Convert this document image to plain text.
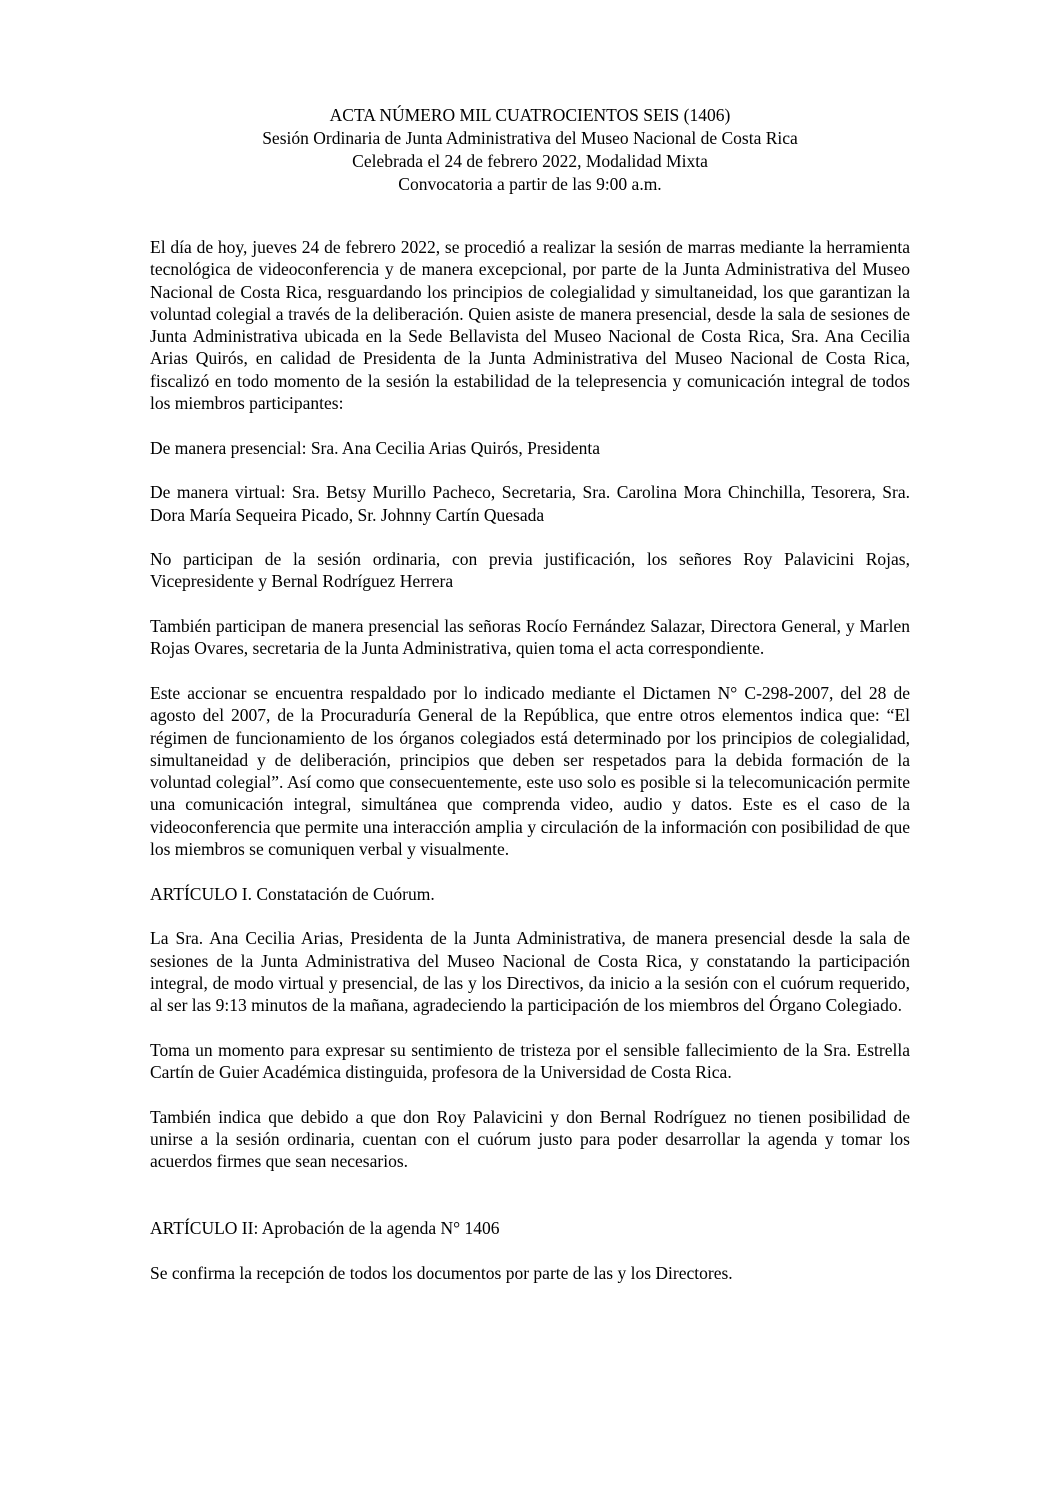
ACTA NÚMERO MIL CUATROCIENTOS SEIS (1406)
Sesión Ordinaria de Junta Administrativa del Museo Nacional de Costa Rica
Celebrada el 24 de febrero 2022, Modalidad Mixta
Convocatoria a partir de las 9:00 a.m.

El día de hoy, jueves 24 de febrero 2022, se procedió a realizar la sesión de marras mediante la herramienta tecnológica de videoconferencia y de manera excepcional, por parte de la Junta Administrativa del Museo Nacional de Costa Rica, resguardando los principios de colegialidad y simultaneidad, los que garantizan la voluntad colegial a través de la deliberación. Quien asiste de manera presencial, desde la sala de sesiones de Junta Administrativa ubicada en la Sede Bellavista del Museo Nacional de Costa Rica, Sra. Ana Cecilia Arias Quirós, en calidad de Presidenta de la Junta Administrativa del Museo Nacional de Costa Rica, fiscalizó en todo momento de la sesión la estabilidad de la telepresencia y comunicación integral de todos los miembros participantes:

De manera presencial: Sra. Ana Cecilia Arias Quirós, Presidenta

De manera virtual: Sra. Betsy Murillo Pacheco, Secretaria, Sra. Carolina Mora Chinchilla, Tesorera, Sra. Dora María Sequeira Picado, Sr. Johnny Cartín Quesada

No participan de la sesión ordinaria, con previa justificación, los señores Roy Palavicini Rojas, Vicepresidente y Bernal Rodríguez Herrera

También participan de manera presencial las señoras Rocío Fernández Salazar, Directora General, y Marlen Rojas Ovares, secretaria de la Junta Administrativa, quien toma el acta correspondiente.

Este accionar se encuentra respaldado por lo indicado mediante el Dictamen N° C-298-2007, del 28 de agosto del 2007, de la Procuraduría General de la República, que entre otros elementos indica que: “El régimen de funcionamiento de los órganos colegiados está determinado por los principios de colegialidad, simultaneidad y de deliberación, principios que deben ser respetados para la debida formación de la voluntad colegial”. Así como que consecuentemente, este uso solo es posible si la telecomunicación permite una comunicación integral, simultánea que comprenda video, audio y datos. Este es el caso de la videoconferencia que permite una interacción amplia y circulación de la información con posibilidad de que los miembros se comuniquen verbal y visualmente.

ARTÍCULO I. Constatación de Cuórum.

La Sra. Ana Cecilia Arias, Presidenta de la Junta Administrativa, de manera presencial desde la sala de sesiones de la Junta Administrativa del Museo Nacional de Costa Rica, y constatando la participación integral, de modo virtual y presencial, de las y los Directivos, da inicio a la sesión con el cuórum requerido, al ser las 9:13 minutos de la mañana, agradeciendo la participación de los miembros del Órgano Colegiado.

Toma un momento para expresar su sentimiento de tristeza por el sensible fallecimiento de la Sra. Estrella Cartín de Guier Académica distinguida, profesora de la Universidad de Costa Rica.

También indica que debido a que don Roy Palavicini y don Bernal Rodríguez no tienen posibilidad de unirse a la sesión ordinaria, cuentan con el cuórum justo para poder desarrollar la agenda y tomar los acuerdos firmes que sean necesarios.

ARTÍCULO II: Aprobación de la agenda N° 1406

Se confirma la recepción de todos los documentos por parte de las y los Directores.
